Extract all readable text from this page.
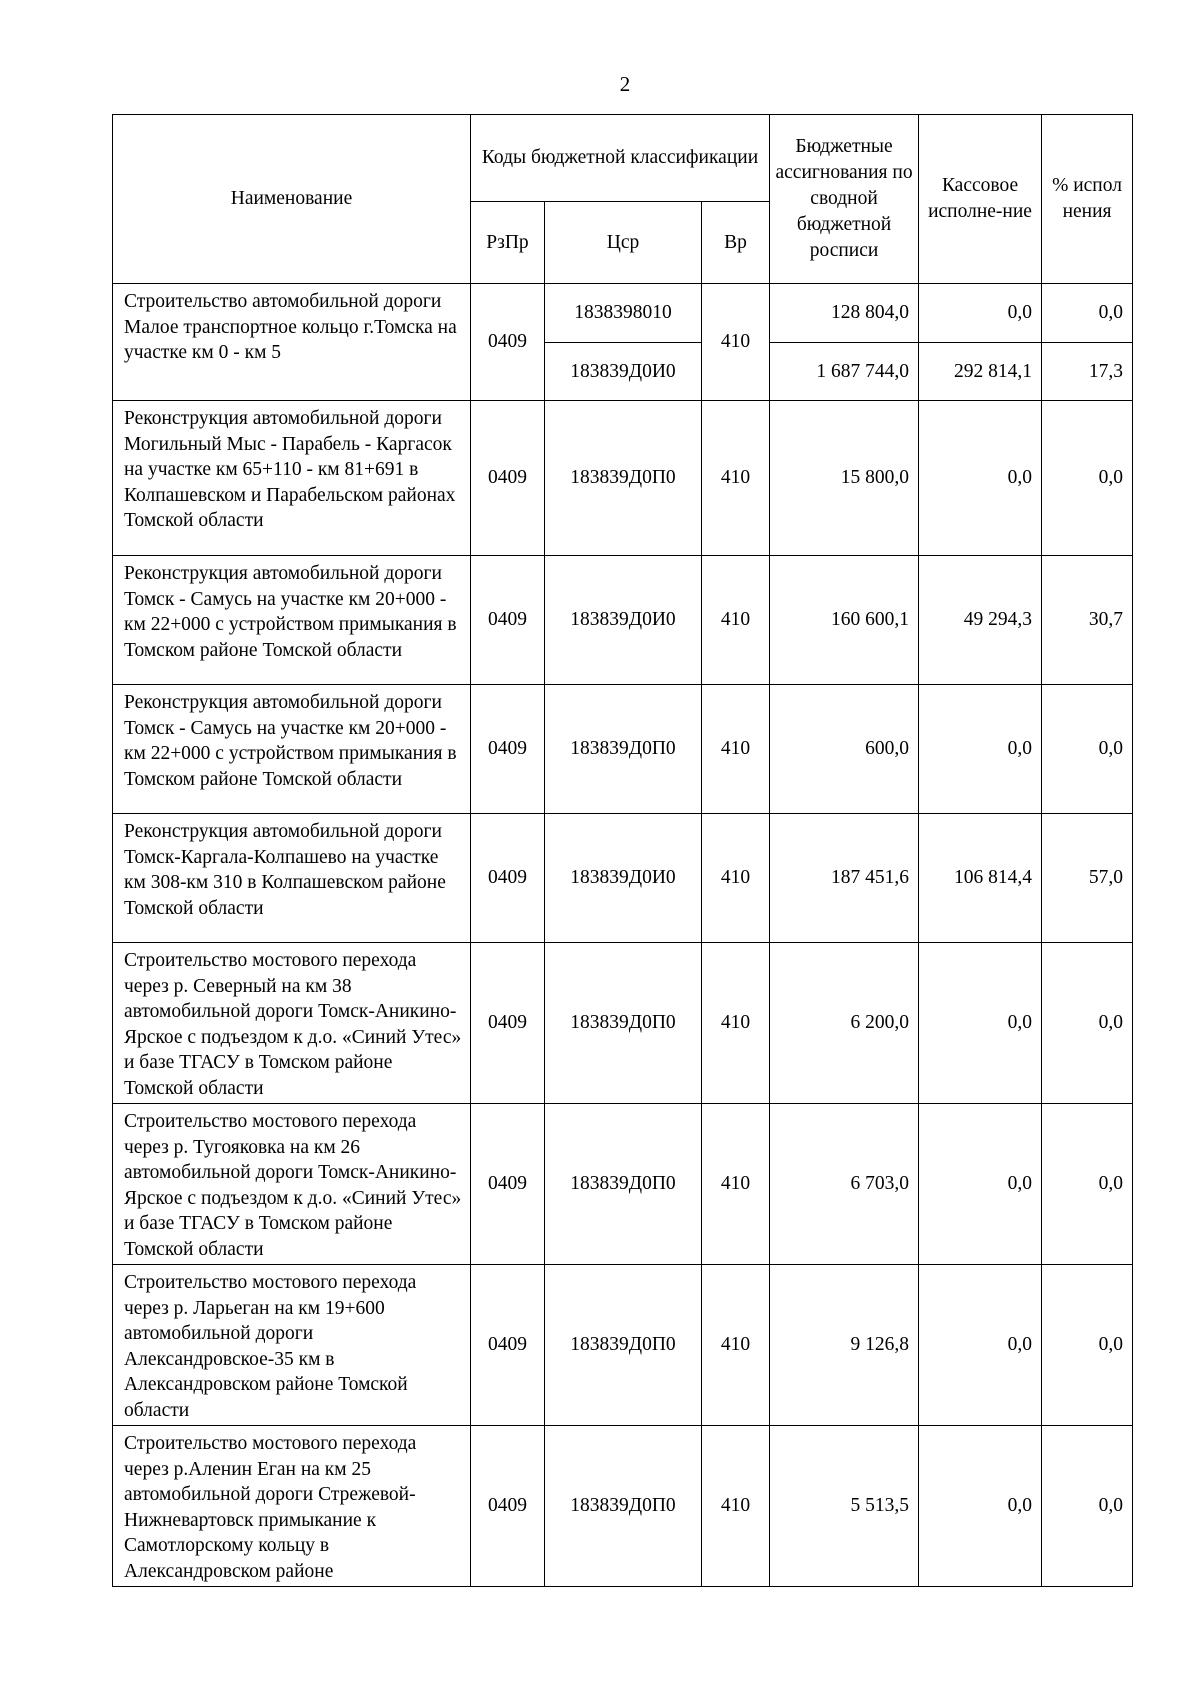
2
Наименование	Коды бюджетной классификации			Бюджетные ассигнования по сводной бюджетной росписи	Кассовое исполне-ние	% испол нения
	РзПр	Цср	Вр			
Строительство автомобильной дороги Малое транспортное кольцо г.Томска на участке км 0 - км 5	0409	1838398010	410	128 804,0	0,0	0,0
		183839Д0И0		1 687 744,0	292 814,1	17,3
Реконструкция автомобильной дороги Могильный Мыс - Парабель - Каргасок на участке км 65+110 - км 81+691 в Колпашевском и Парабельском районах Томской области	0409	183839Д0П0	410	15 800,0	0,0	0,0
Реконструкция автомобильной дороги Томск - Самусь на участке км 20+000 - км 22+000 с устройством примыкания в Томском районе Томской области	0409	183839Д0И0	410	160 600,1	49 294,3	30,7
Реконструкция автомобильной дороги Томск - Самусь на участке км 20+000 - км 22+000 с устройством примыкания в Томском районе Томской области	0409	183839Д0П0	410	600,0	0,0	0,0
Реконструкция автомобильной дороги Томск-Каргала-Колпашево на участке км 308-км 310 в Колпашевском районе Томской области	0409	183839Д0И0	410	187 451,6	106 814,4	57,0
Строительство мостового перехода через р. Северный на км 38 автомобильной дороги Томск-Аникино-Ярское с подъездом к д.о. «Синий Утес» и базе ТГАСУ в Томском районе Томской области	0409	183839Д0П0	410	6 200,0	0,0	0,0
Строительство мостового перехода через р. Тугояковка на км 26 автомобильной дороги Томск-Аникино-Ярское с подъездом к д.о. «Синий Утес» и базе ТГАСУ в Томском районе Томской области	0409	183839Д0П0	410	6 703,0	0,0	0,0
Строительство мостового перехода через р. Ларьеган на км 19+600 автомобильной дороги Александровское-35 км в Александровском районе Томской области	0409	183839Д0П0	410	9 126,8	0,0	0,0
Строительство мостового перехода через р.Аленин Еган на км 25 автомобильной дороги Стрежевой-Нижневартовск примыкание к Самотлорскому кольцу в Александровском районе	0409	183839Д0П0	410	5 513,5	0,0	0,0
